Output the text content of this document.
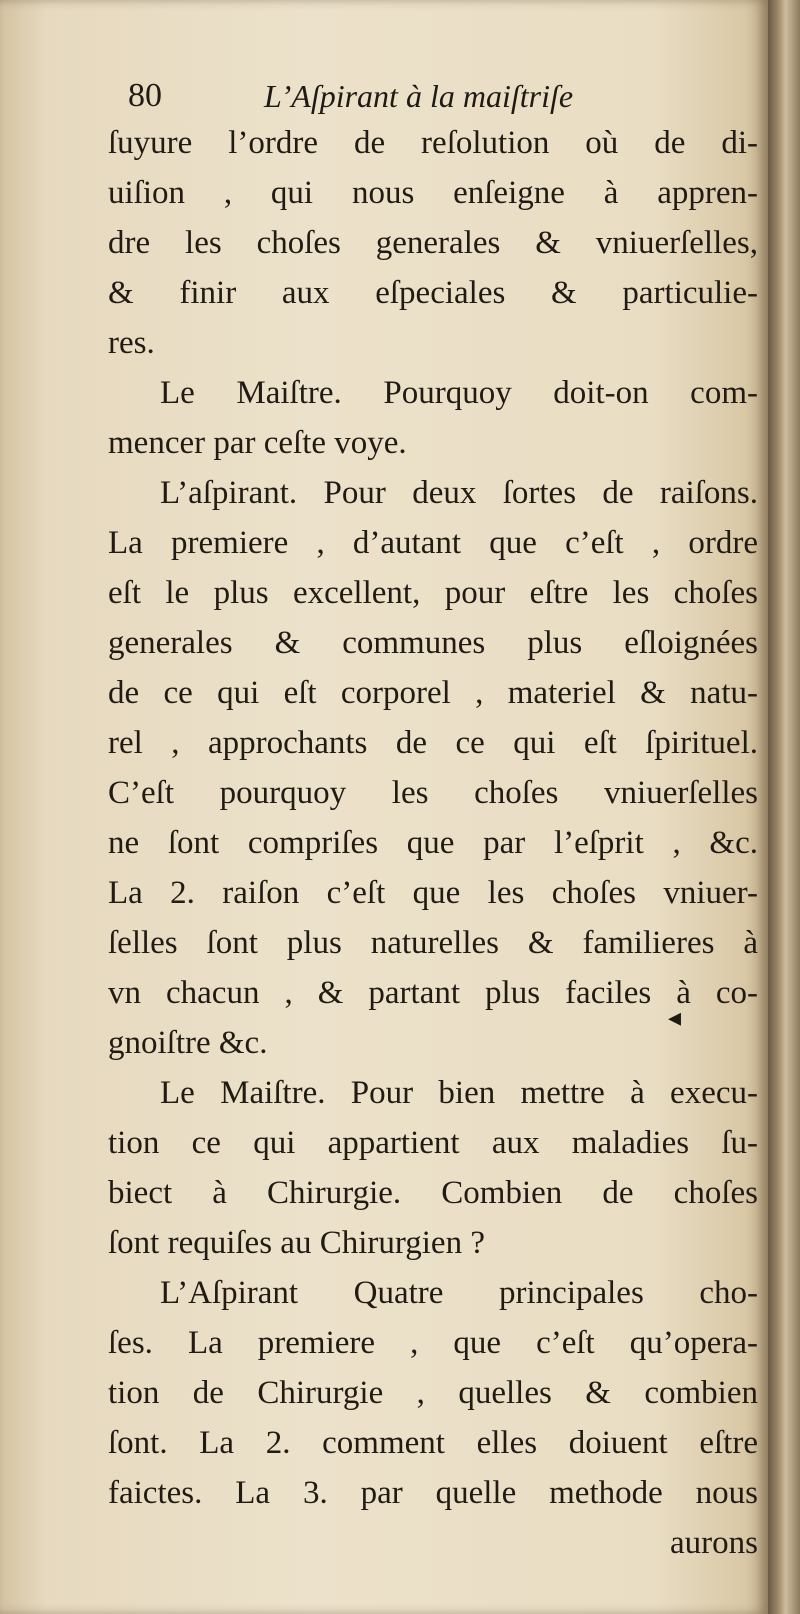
80	L’Aſpirant à la maiſtriſe
ſuyure l’ordre de reſolution où de di-
uiſion , qui nous enſeigne à appren-
dre les choſes generales & vniuerſelles,
& finir aux eſpeciales & particulie-
res.
Le Maiſtre. Pourquoy doit-on com-
mencer par ceſte voye.
L’aſpirant. Pour deux ſortes de raiſons.
La premiere , d’autant que c’eſt , ordre
eſt le plus excellent, pour eſtre les choſes
generales & communes plus eſloignées
de ce qui eſt corporel , materiel & natu-
rel , approchants de ce qui eſt ſpirituel.
C’eſt pourquoy les choſes vniuerſelles
ne ſont compriſes que par l’eſprit , &c.
La 2. raiſon c’eſt que les choſes vniuer-
ſelles ſont plus naturelles & familieres à
vn chacun , & partant plus faciles à co-
gnoiſtre &c.
Le Maiſtre. Pour bien mettre à execu-
tion ce qui appartient aux maladies ſu-
biect à Chirurgie. Combien de choſes
ſont requiſes au Chirurgien ?
L’Aſpirant Quatre principales cho-
ſes. La premiere , que c’eſt qu’opera-
tion de Chirurgie , quelles & combien
ſont. La 2. comment elles doiuent eſtre
faictes. La 3. par quelle methode nous
aurons
◂
